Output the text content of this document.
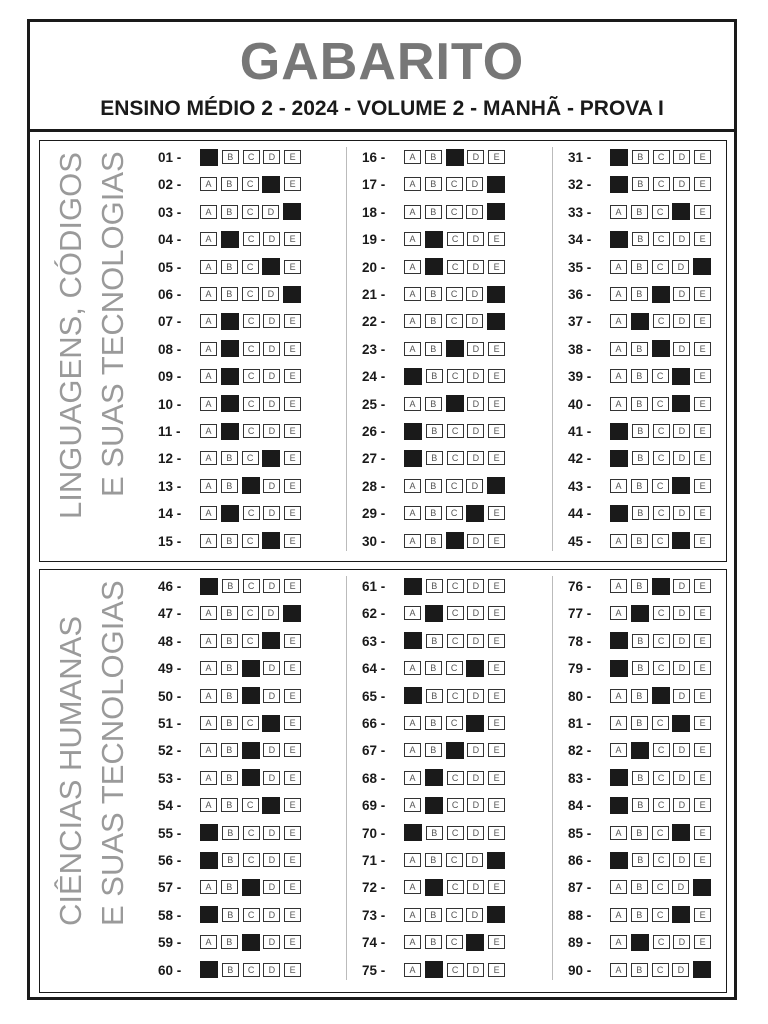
GABARITO
ENSINO MÉDIO 2 - 2024 - VOLUME 2 - MANHÃ - PROVA I
LINGUAGENS, CÓDIGOS E SUAS TECNOLOGIAS 01 -	B C D E
02 -	A B C	E
03 -	A B C D
04 -	A	C D E
05 -	A B C	E
06 -	A B C D
07 -	A	C D E
08 -	A	C D E
09 -	A	C D E
10 -	A	C D E
11 -	A	C D E
12 -	A B C	E
13 -	A B	D E
14 -	A	C D E
15 -	A B C	E
16 -	A B	D E
17 -	A B C D
18 -	A B C D
19 -	A	C D E
20 -	A	C D E
21 -	A B C D
22 -	A B C D
23 -	A B	D E
24 -	B C D E
25 -	A B	D E
26 -	B C D E
27 -	B C D E
28 -	A B C D
29 -	A B C	E
30 -	A B	D E
31 -	B C D E
32 -	B C D E
33 -	A B C	E
34 -	B C D E
35 -	A B C D
36 -	A B	D E
37 -	A	C D E
38 -	A B	D E
39 -	A B C	E
40 -	A B C	E
41 -	B C D E
42 -	B C D E
43 -	A B C	E
44 -	B C D E
45 -	A B C	E
CIÊNCIAS HUMANAS E SUAS TECNOLOGIAS 46 -	B C D E
47 -	A B C D
48 -	A B C	E
49 -	A B	D E
50 -	A B	D E
51 -	A B C	E
52 -	A B	D E
53 -	A B	D E
54 -	A B C	E
55 -	B C D E
56 -	B C D E
57 -	A B	D E
58 -	B C D E
59 -	A B	D E
60 -	B C D E
61 -	B C D E
62 -	A	C D E
63 -	B C D E
64 -	A B C	E
65 -	B C D E
66 -	A B C	E
67 -	A B	D E
68 -	A	C D E
69 -	A	C D E
70 -	B C D E
71 -	A B C D
72 -	A	C D E
73 -	A B C D
74 -	A B C	E
75 -	A	C D E
76 -	A B	D E
77 -	A	C D E
78 -	B C D E
79 -	B C D E
80 -	A B	D E
81 -	A B C	E
82 -	A	C D E
83 -	B C D E
84 -	B C D E
85 -	A B C	E
86 -	B C D E
87 -	A B C D
88 -	A B C	E
89 -	A	C D E
90 -	A B C D
